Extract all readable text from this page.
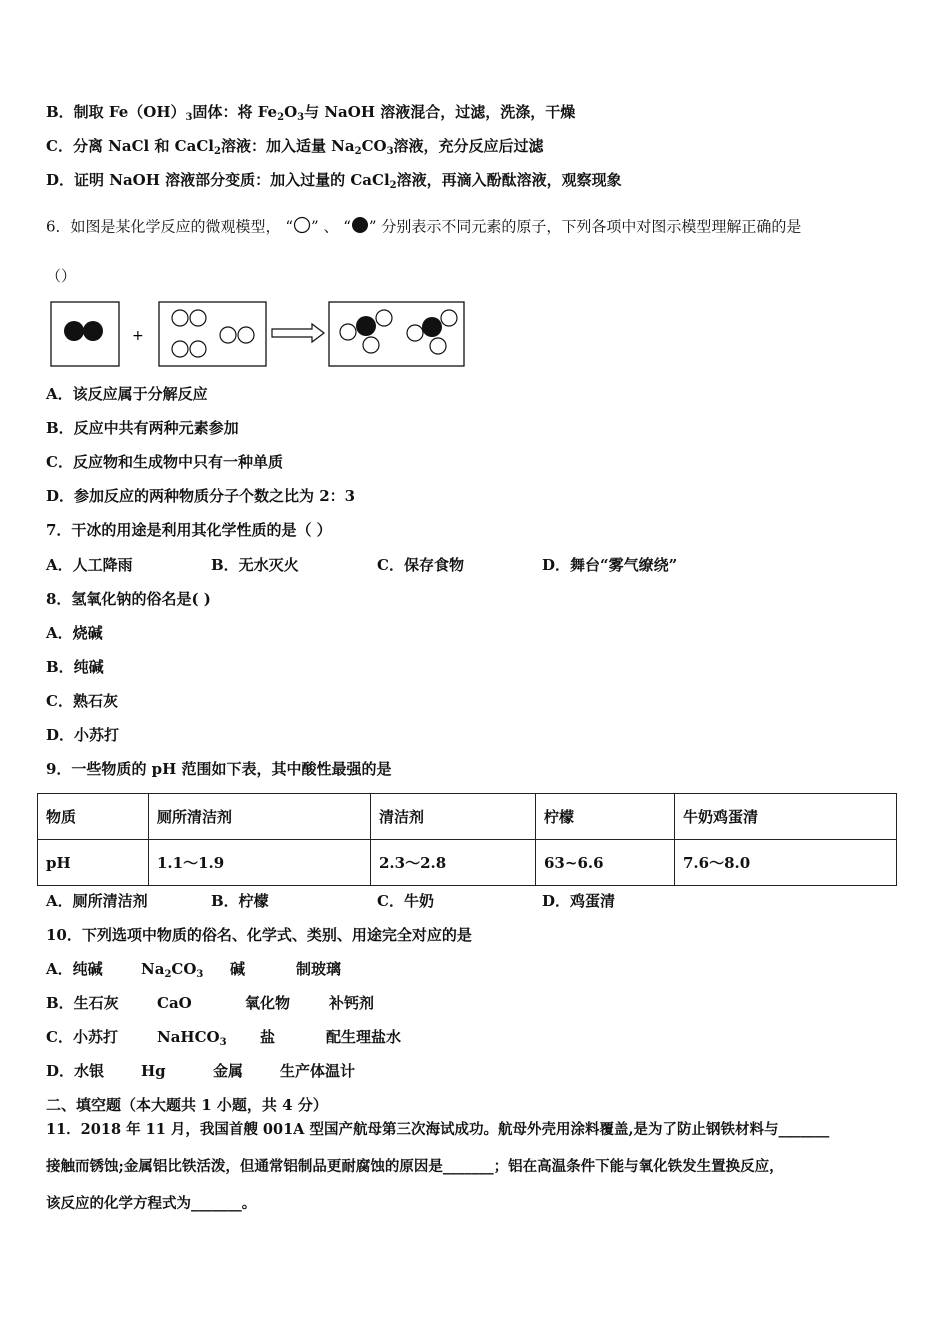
B．制取 $Fe(OH)_3$固体：将 $Fe_2O_3$与 NaOH 溶液混合，过滤，洗涤，干燥
C．分离 NaCl 和 CaCl$_2$溶液：加入适量 $Na_2CO_3$溶液，充分反应后过滤
D．证明 NaOH 溶液部分变质：加入过量的 CaCl$_2$溶液，再滴入酚酞溶液，观察现象
6．如图是某化学反应的微观模型， “ ” 、 “ ” 分别表示不同元素的原子，下列各项中对图示模型理解正确的是
（）
+
A．该反应属于分解反应
B．反应中共有两种元素参加
C．反应物和生成物中只有一种单质
D．参加反应的两种物质分子个数之比为 2：3
7．干冰的用途是利用其化学性质的是（ ）
A．人工降雨	B．无水灭火	C．保存食物	D．舞台“雾气缭绕”
8．氢氧化钠的俗名是( )
A．烧碱
B．纯碱
C．熟石灰
D．小苏打
9．一些物质的 pH 范围如下表，其中酸性最强的是
物质	厕所清洁剂	清洁剂	柠檬	牛奶鸡蛋清
pH	1.1～1.9	2.3～2.8	63~6.6	7.6～8.0
A．厕所清洁剂	B．柠檬	C．牛奶	D．鸡蛋清
10．下列选项中物质的俗名、化学式、类别、用途完全对应的是
A．纯碱	$Na_2CO_3$ 碱	制玻璃
B．生石灰	CaO	氧化物	补钙剂
C．小苏打	NaHCO$_3$ 盐	配生理盐水
D．水银 Hg	金属 生产体温计
二、填空题（本大题共 1 小题，共 4 分）
11．2018 年 11 月，我国首艘 001A 型国产航母第三次海试成功。航母外壳用涂料覆盖,是为了防止钢铁材料与_______
接触而锈蚀;金属铝比铁活泼，但通常铝制品更耐腐蚀的原因是_______；铝在高温条件下能与氧化铁发生置换反应，
该反应的化学方程式为_______。
